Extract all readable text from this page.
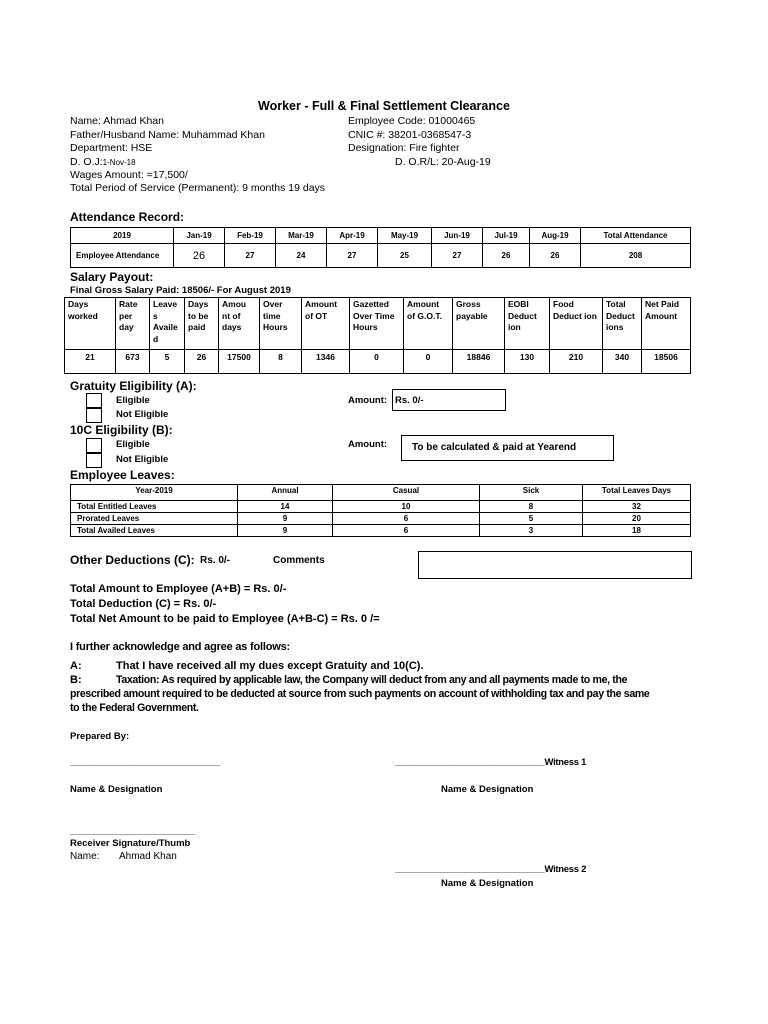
Worker - Full & Final Settlement Clearance
Name: Ahmad Khan
Father/Husband Name: Muhammad Khan
Department: HSE
D. O.J:1-Nov-18
Wages Amount: =17,500/
Total Period of Service (Permanent): 9 months 19 days
Employee Code: 01000465
CNIC #: 38201-0368547-3
Designation: Fire fighter
D. O.R/L: 20-Aug-19
Attendance Record:
2019	Jan-19	Feb-19	Mar-19	Apr-19	May-19	Jun-19	Jul-19	Aug-19	Total Attendance
Employee Attendance	26	27	24	27	25	27	26	26	208
Salary Payout:
Final Gross Salary Paid: 18506/- For August 2019
Days worked	Rate per day	Leave s Availe d	Days to be paid	Amou nt of days	Over time Hours	Amount of OT	Gazetted Over Time Hours	Amount of G.O.T.	Gross payable	EOBI Deduct ion	Food Deduct ion	Total Deduct ions	Net Paid Amount
21	673	5	26	17500	8	1346	0	0	18846	130	210	340	18506
Gratuity Eligibility (A):
Eligible
Not Eligible
Amount: Rs. 0/-
10C Eligibility (B):
Eligible
Not Eligible
Amount: To be calculated & paid at Yearend
Employee Leaves:
Year-2019	Annual	Casual	Sick	Total Leaves Days
Total Entitled Leaves	14	10	8	32
Prorated Leaves	9	6	5	20
Total Availed Leaves	9	6	3	18
Other Deductions (C): Rs. 0/-	Comments
Total Amount to Employee (A+B) = Rs. 0/-
Total Deduction (C) = Rs. 0/-
Total Net Amount to be paid to Employee (A+B-C) = Rs. 0 /=
I further acknowledge and agree as follows:
A:	That I have received all my dues except Gratuity and 10(C).
B:	Taxation: As required by applicable law, the Company will deduct from any and all payments made to me, the
prescribed amount required to be deducted at source from such payments on account of withholding tax and pay the same
to the Federal Government.
Prepared By:
______________________________	______________________________Witness 1
Name & Designation	Name & Designation
_________________________
Receiver Signature/Thumb
Name: Ahmad Khan
______________________________Witness 2
Name & Designation
